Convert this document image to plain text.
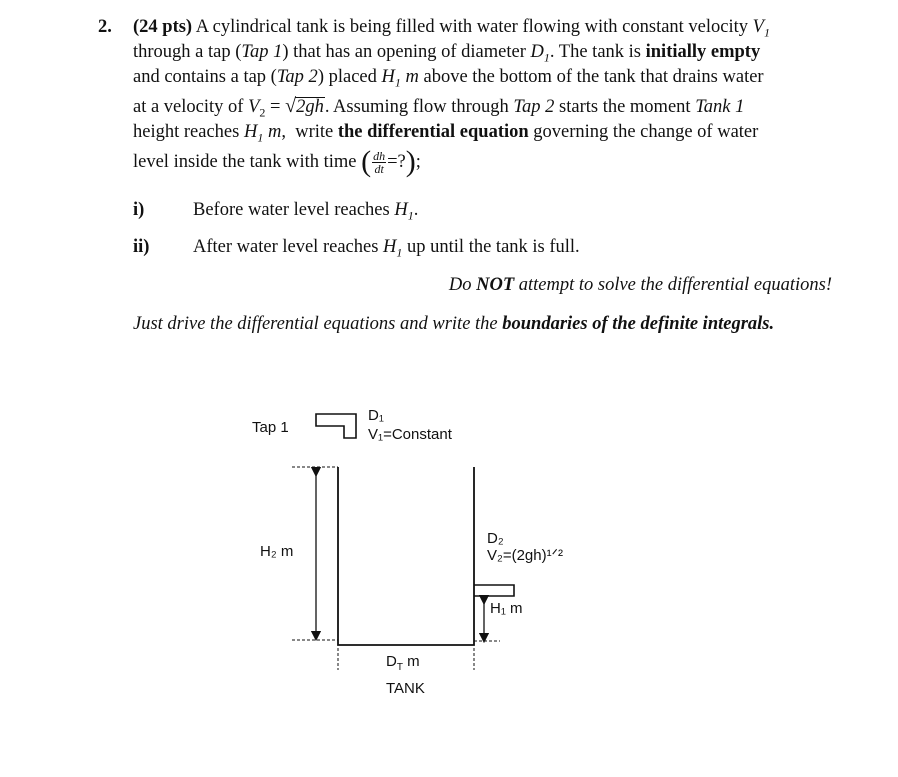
2. (24 pts) A cylindrical tank is being filled with water flowing with constant velocity $V_1$
through a tap (Tap 1) that has an opening of diameter $D_1$. The tank is initially empty
and contains a tap (Tap 2) placed $H_1$ m above the bottom of the tank that drains water
at a velocity of $V_2 = √2gh$. Assuming flow through Tap 2 starts the moment Tank 1
height reaches $H_1$ m,  write the differential equation governing the change of water
level inside the tank with time ( $\frac{dh}{dt}$ =?);
i)	Before water level reaches $H_1$.
ii) After water level reaches $H_1$ up until the tank is full.
Do NOT attempt to solve the differential equations!
Just drive the differential equations and write the boundaries of the definite integrals.
Tap 1
D₁
V₁=Constant
H₂ m
D₂
V₂=(2gh)¹ᐟ²
H₁ m
$D_T$ m
TANK
